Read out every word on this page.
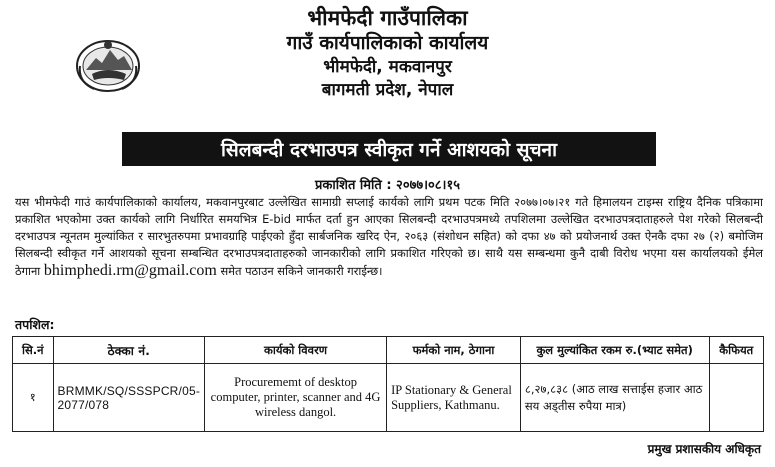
भीमफेदी गाउँपालिका
गाउँ कार्यपालिकाको कार्यालय
भीमफेदी, मकवानपुर
बागमती प्रदेश, नेपाल
सिलबन्दी दरभाउपत्र स्वीकृत गर्ने आशयको सूचना
प्रकाशित मिति : २०७७।०८।१५
यस भीमफेदी गाउं कार्यपालिकाको कार्यालय, मकवानपुरबाट उल्लेखित सामाग्री सप्लाई कार्यको लागि प्रथम पटक मिति २०७७।०७।२१ गते हिमालयन टाइम्स राष्ट्रिय दैनिक पत्रिकामा प्रकाशित भएकोमा उक्त कार्यको लागि निर्धारित समयभित्र E-bid मार्फत दर्ता हुन आएका सिलबन्दी दरभाउपत्रमध्ये तपशिलमा उल्लेखित दरभाउपत्रदाताहरुले पेश गरेको सिलबन्दी दरभाउपत्र न्यूनतम मुल्यांकित र सारभुतरुपमा प्रभावग्राहि पाईएको हुँदा सार्बजनिक खरिद ऐन, २०६३ (संशोधन सहित) को दफा ४७ को प्रयोजनार्थ उक्त ऐनकै दफा २७ (२) बमोजिम सिलबन्दी स्वीकृत गर्ने आशयको सूचना सम्बन्धित दरभाउपत्रदाताहरुको जानकारीको लागि प्रकाशित गरिएको छ। साथै यस सम्बन्धमा कुनै दाबी विरोध भएमा यस कार्यालयको ईमेल ठेगाना bhimphedi.rm@gmail.com समेत पठाउन सकिने जानकारी गराईन्छ।
तपशिल:
सि.नं	ठेक्का नं.	कार्यको विवरण	फर्मको नाम, ठेगाना	कुल मुल्यांकित रकम रु.(भ्याट समेत)	कैफियत
१	BRMMK/SQ/SSSPCR/05-2077/078	Procurememt of desktop computer, printer, scanner and 4G wireless dangol.	IP Stationary & General Suppliers, Kathmanu.	८,२७,८३८ (आठ लाख सत्ताईस हजार आठ सय अड्तीस रुपैया मात्र)	
प्रमुख प्रशासकीय अधिकृत
